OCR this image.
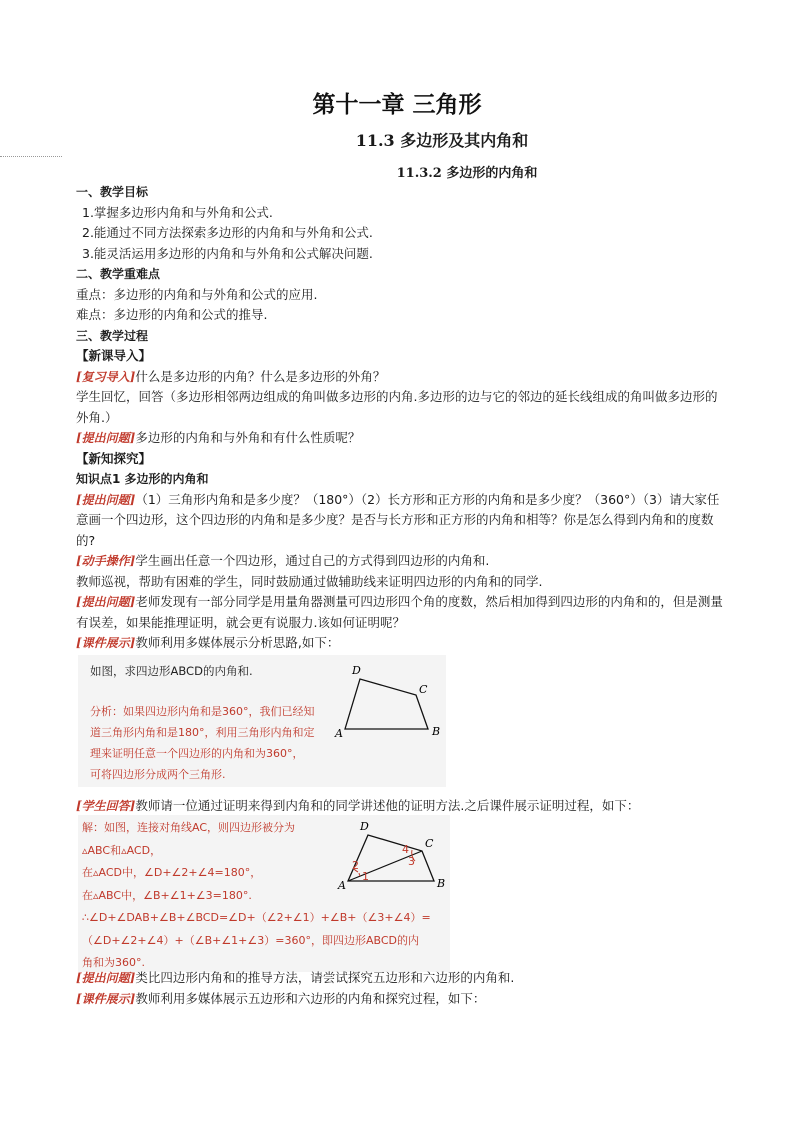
第十一章 三角形
11.3 多边形及其内角和
11.3.2 多边形的内角和
一、教学目标
1.掌握多边形内角和与外角和公式.
2.能通过不同方法探索多边形的内角和与外角和公式.
3.能灵活运用多边形的内角和与外角和公式解决问题.
二、教学重难点
重点：多边形的内角和与外角和公式的应用.
难点：多边形的内角和公式的推导.
三、教学过程
【新课导入】
[复习导入]什么是多边形的内角？什么是多边形的外角？
学生回忆，回答（多边形相邻两边组成的角叫做多边形的内角.多边形的边与它的邻边的延长线组成的角叫做多边形的外角.）
[提出问题]多边形的内角和与外角和有什么性质呢？
【新知探究】
知识点1 多边形的内角和
[提出问题]（1）三角形内角和是多少度？（180°）（2）长方形和正方形的内角和是多少度？（360°）（3）请大家任意画一个四边形，这个四边形的内角和是多少度？是否与长方形和正方形的内角和相等？你是怎么得到内角和的度数的?
[动手操作]学生画出任意一个四边形，通过自己的方式得到四边形的内角和.
教师巡视，帮助有困难的学生，同时鼓励通过做辅助线来证明四边形的内角和的同学.
[提出问题]老师发现有一部分同学是用量角器测量可四边形四个角的度数，然后相加得到四边形的内角和的，但是测量有误差，如果能推理证明，就会更有说服力.该如何证明呢？
[课件展示]教师利用多媒体展示分析思路,如下：
如图，求四边形ABCD的内角和.
分析：如果四边形内角和是360°，我们已经知
道三角形内角和是180°，利用三角形内角和定
理来证明任意一个四边形的内角和为360°，
可将四边形分成两个三角形.
A
D
C
B
[学生回答]教师请一位通过证明来得到内角和的同学讲述他的证明方法.之后课件展示证明过程，如下：
解：如图，连接对角线AC，则四边形被分为
▵ABC和▵ACD，
在▵ACD中，∠D+∠2+∠4=180°，
在▵ABC中，∠B+∠1+∠3=180°.
∴∠D+∠DAB+∠B+∠BCD=∠D+（∠2+∠1）+∠B+（∠3+∠4）=
（∠D+∠2+∠4）+（∠B+∠1+∠3）=360°，即四边形ABCD的内
角和为360°.
1
2	3
4
A
D
C
B
[提出问题]类比四边形内角和的推导方法，请尝试探究五边形和六边形的内角和.
[课件展示]教师利用多媒体展示五边形和六边形的内角和探究过程，如下：
